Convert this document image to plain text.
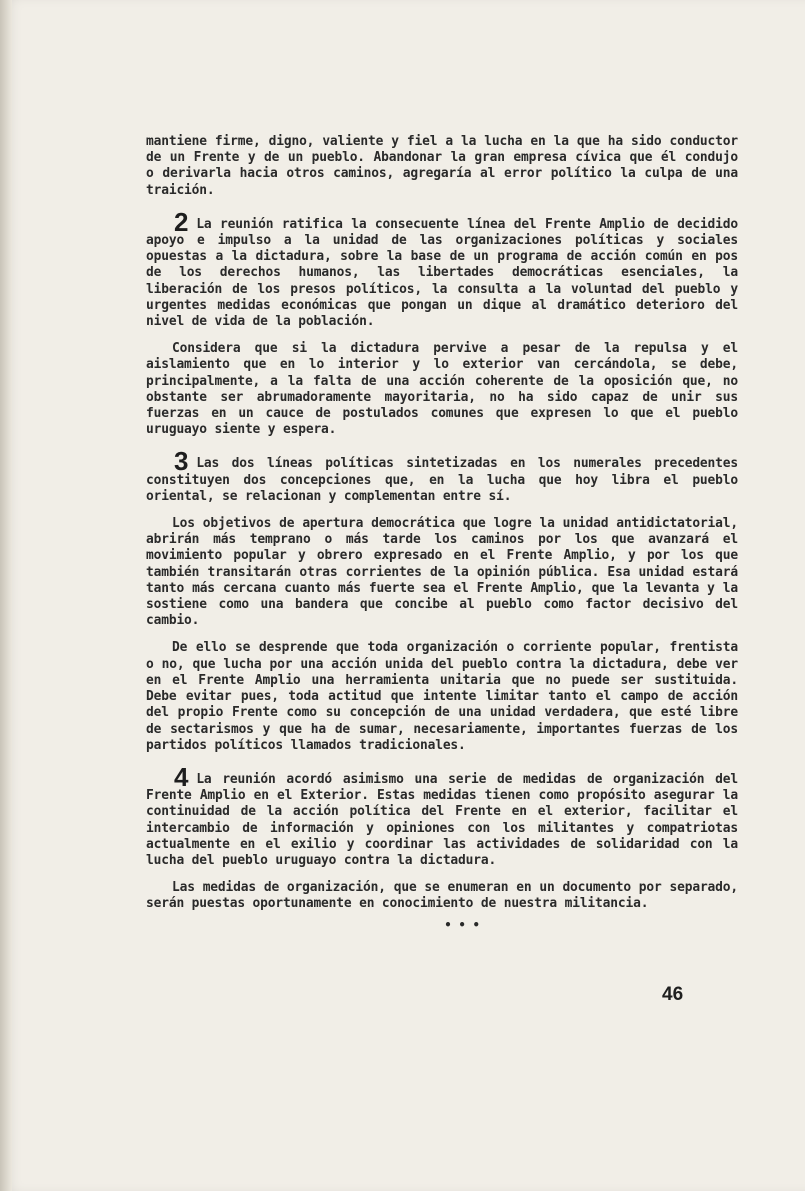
mantiene firme, digno, valiente y fiel a la lucha en la que ha sido conductor de un Frente y de un pueblo. Abandonar la gran empresa cívica que él condujo o derivarla hacia otros caminos, agregaría al error político la culpa de una traición.

2 La reunión ratifica la consecuente línea del Frente Amplio de decidido apoyo e impulso a la unidad de las organizaciones políticas y sociales opuestas a la dictadura, sobre la base de un programa de acción común en pos de los derechos humanos, las libertades democráticas esenciales, la liberación de los presos políticos, la consulta a la voluntad del pueblo y urgentes medidas económicas que pongan un dique al dramático deterioro del nivel de vida de la población.

Considera que si la dictadura pervive a pesar de la repulsa y el aislamiento que en lo interior y lo exterior van cercándola, se debe, principalmente, a la falta de una acción coherente de la oposición que, no obstante ser abrumadoramente mayoritaria, no ha sido capaz de unir sus fuerzas en un cauce de postulados comunes que expresen lo que el pueblo uruguayo siente y espera.

3 Las dos líneas políticas sintetizadas en los numerales precedentes constituyen dos concepciones que, en la lucha que hoy libra el pueblo oriental, se relacionan y complementan entre sí.

Los objetivos de apertura democrática que logre la unidad antidictatorial, abrirán más temprano o más tarde los caminos por los que avanzará el movimiento popular y obrero expresado en el Frente Amplio, y por los que también transitarán otras corrientes de la opinión pública. Esa unidad estará tanto más cercana cuanto más fuerte sea el Frente Amplio, que la levanta y la sostiene como una bandera que concibe al pueblo como factor decisivo del cambio.

De ello se desprende que toda organización o corriente popular, frentista o no, que lucha por una acción unida del pueblo contra la dictadura, debe ver en el Frente Amplio una herramienta unitaria que no puede ser sustituida. Debe evitar pues, toda actitud que intente limitar tanto el campo de acción del propio Frente como su concepción de una unidad verdadera, que esté libre de sectarismos y que ha de sumar, necesariamente, importantes fuerzas de los partidos políticos llamados tradicionales.

4 La reunión acordó asimismo una serie de medidas de organización del Frente Amplio en el Exterior. Estas medidas tienen como propósito asegurar la continuidad de la acción política del Frente en el exterior, facilitar el intercambio de información y opiniones con los militantes y compatriotas actualmente en el exilio y coordinar las actividades de solidaridad con la lucha del pueblo uruguayo contra la dictadura.

Las medidas de organización, que se enumeran en un documento por separado, serán puestas oportunamente en conocimiento de nuestra militancia.

• • •
46
